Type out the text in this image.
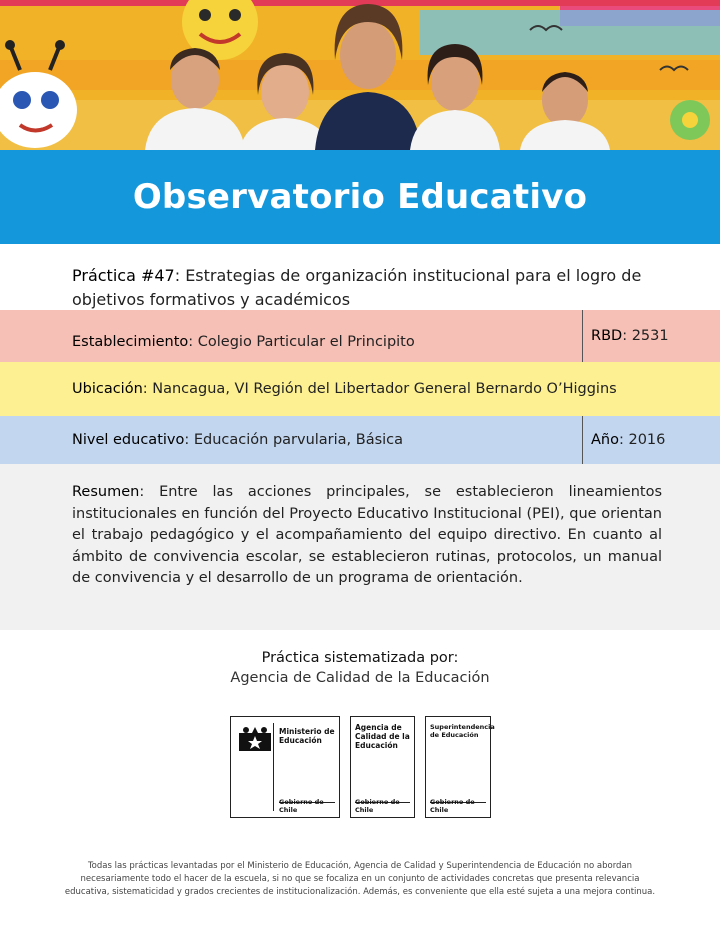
Observatorio Educativo
Práctica #47: Estrategias de organización institucional para el logro de objetivos formativos y académicos
Establecimiento : Colegio Particular el Principito	RBD : 2531
Ubicación : Nancagua, VI Región del Libertador General Bernardo O’Higgins
Nivel educativo : Educación parvularia, Básica	Año : 2016

Resumen: Entre las acciones principales, se establecieron lineamientos institucionales en función del Proyecto Educativo Institucional (PEI), que orientan el trabajo pedagógico y el acompañamiento del equipo directivo. En cuanto al ámbito de convivencia escolar, se establecieron rutinas, protocolos, un manual de convivencia y el desarrollo de un programa de orientación.

Práctica sistematizada por:
Agencia de Calidad de la Educación
Ministerio de
Educación
Gobierno de Chile
Agencia de
Calidad de la
Educación
Gobierno de Chile
Superintendencia
de Educación
Gobierno de Chile

Todas las prácticas levantadas por el Ministerio de Educación, Agencia de Calidad y Superintendencia de Educación no abordan necesariamente todo el hacer de la escuela, si no que se focaliza en un conjunto de actividades concretas que presenta relevancia educativa, sistematicidad y grados crecientes de institucionalización. Además, es conveniente que ella esté sujeta a una mejora continua.
